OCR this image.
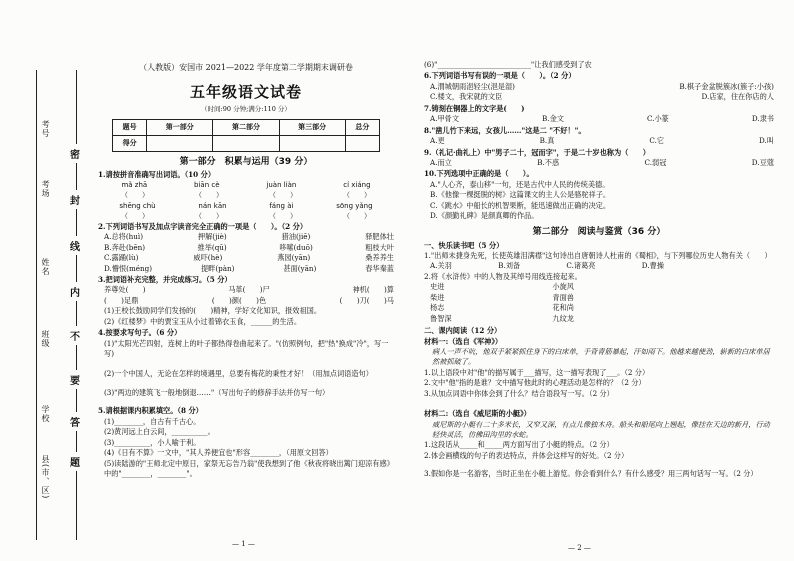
考号
考场
姓名
班级
学校
县(市、区)
密
封
线
内
不
要
答
题
（人教版）安国市 2021—2022 学年度第二学期期末调研卷
五年级语文试卷
（时间:90 分钟;满分:110 分）
题号	第一部分	第二部分	第三部分	总分
得分				
第一部分　积累与运用（39 分）
1.请按拼音准确写出词语。（10 分）
mǎ zhā	biān cè	juàn liàn	cí xiáng
（　　）	（　　）	（　　）	（　　）
shēng chù	nán kān	fáng ài	sōng yǎng
（　　）	（　　）	（　　）	（　　）
2.下列词语书写及加点字读音完全正确的一项是（　　）。（2 分）
A.总将(huì)	押解(jiè)	猎油(jiē)	驿肥体壮
B.奔赴(bēn)	推举(qū)	哆嗦(duō)	粗枝大叶
C.露踊(lù)	威吓(hè)	燕园(yān)	桑养养生
D.懵恨(méng)	提畔(pàn)	甚面(yān)	春华秦蓝
3.把词语补充完整，并完成练习。（5 分）
养尊处(　　)	马革(　　)尸	神机(　　)算
(　　)足鼎	(　　)颜(　　)色	(　　)刀(　　)马
(1)王校长鼓励同学们发扬的(　　)精神，学好文化知识，报效祖国。
(2)《红楼梦》中的贾宝玉从小过着锦衣玉食，______的生活。
4.按要求写句子。（6 分）
(1)"太阳光芒四射，连树上的叶子都热得卷曲起来了。"(仿照例句，把"热"换成"冷"，写一写)
(2)一个中国人，无论在怎样的境遇里，总要有梅花的秉性才好！（用加点词语造句）
(3)"两边的建筑飞一般地倒退……"（写出句子的修辞手法并仿写一句）
5.请根据课内积累填空。（8 分）
(1)________，自古有千古心。
(2)黄河远上白云间，__________。
(3)__________，小人喻于利。
(4)《日有不算》一文中，"其人养便宜也"形容________，（用原文回答）
(5)读陆游的"王师北定中原日，家祭无忘告乃翁"使我想到了他《秋夜将晓出篱门迎凉有感》中的"________，________"。
— 1 —
(6)"__________________________"让我们感受到了农
6.下列词语书写有误的一项是（　　）。（2 分）
A.渭城朝雨浥轻尘(浥是湿)	B.棋子金盆脱簇冰(簇子:小孩)
C.楼文，我宋就的文臣	D.店家，住在你店的人
7.铸刻在铜器上的文字是(　　)
A.甲骨文	B.金文	C.小篆	D.隶书
8."凿儿竹下来远，女孩儿……"这是二 "不好！"。
A.更	B.真	C.它	D.叫
9.（礼记·曲礼上）中"男子二十，冠而字"，于是二十岁也称为（　　）
A.而立	B.不惑	C.弱冠	D.豆蔻
10.下列选项中正确的是（　　）。
A."人心齐，泰山移"一句，还是古代中人民的传统美德。
B.《他像一棵挺脱的树》这篇课文的主人公是骆驼祥子。
C.《跳水》中船长的机智果断，能迅速做出正确的决定。
D.《颜勤礼碑》是颜真卿的作品。
第二部分　阅读与鉴赏（36 分）
一、快乐读书吧（5 分）
1."出师未捷身先死，长使英雄泪满襟"这句诗出自唐朝诗人杜甫的《蜀相》，与下列哪位历史人物有关（　　）
A.关羽	B.刘备	C.诸葛亮	D.曹操
2.将《水浒传》中的人物及其绰号用线连接起来。
史进	小旋风
柴进	青面兽
杨志	花和尚
鲁智深	九纹龙
二、课内阅读（12 分）
材料一:（选自《军神》）
病人一声不吭，他双手紧紧抓住身下的白床单，手背青筋暴起，汗如雨下。他越来越使劲，崭新的白床单居然被抓破了。
1.以上语段中对"他"的描写属于___描写，这一描写表现了___。（2 分）
2.文中"他"指的是谁？文中描写他此时的心理活动是怎样的？（2 分）
3.从加点词语中你体会到了什么？结合语段写一写。（2 分）
材料二:（选自《威尼斯的小艇》）
威尼斯的小艇有二十多米长，又窄又深，有点儿像独木舟。船头和船尾向上翘起，像挂在天边的新月，行动轻快灵活，仿佛田沟里的水蛇。
1.这段话从_____和_____两方面写出了小艇的特点。（2 分）
2.体会画横线的句子的表达特点，并体会这样写的好处。（2 分）
3.假如你是一名游客，当时正坐在小艇上游览。你会看到什么？有什么感受？用三两句话写一写。（2 分）
— 2 —
